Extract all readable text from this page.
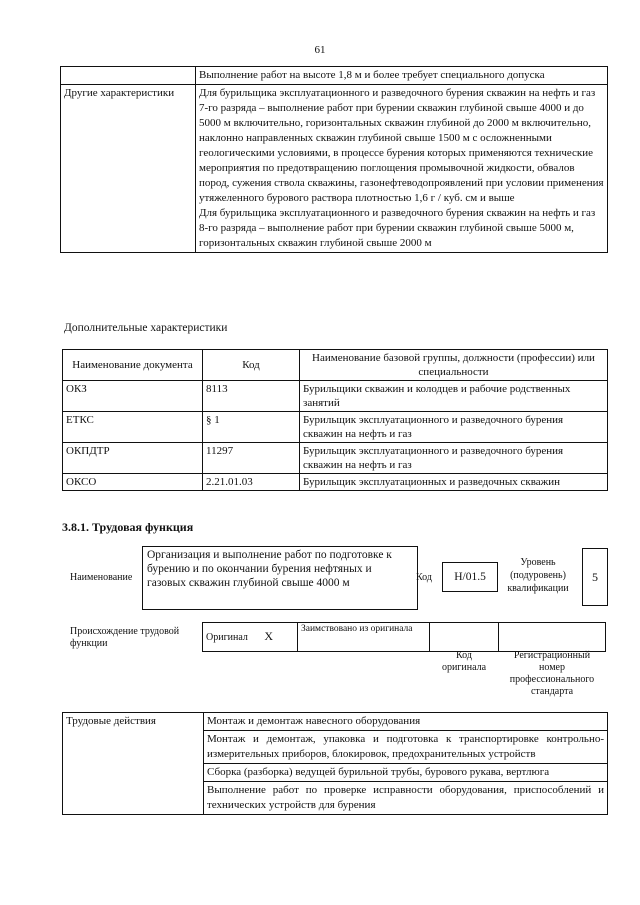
61
	Выполнение работ на высоте 1,8 м и более требует специального допуска
Другие характеристики	Для бурильщика эксплуатационного и разведочного бурения скважин на нефть и газ 7-го разряда – выполнение работ при бурении скважин глубиной свыше 4000 и до 5000 м включительно, горизонтальных скважин глубиной до 2000 м включительно, наклонно направленных скважин глубиной свыше 1500 м с осложненными геологическими условиями, в процессе бурения которых применяются технические мероприятия по предотвращению поглощения промывочной жидкости, обвалов пород, сужения ствола скважины, газонефтеводопроявлений при условии применения утяжеленного бурового раствора плотностью 1,6 г / куб. см и выше
Для бурильщика эксплуатационного и разведочного бурения скважин на нефть и газ 8-го разряда – выполнение работ при бурении скважин глубиной свыше 5000 м, горизонтальных скважин глубиной свыше 2000 м
Дополнительные характеристики
Наименование документа	Код	Наименование базовой группы, должности (профессии) или специальности
ОКЗ	8113	Бурильщики скважин и колодцев и рабочие родственных занятий
ЕТКС	§ 1	Бурильщик эксплуатационного и разведочного бурения скважин на нефть и газ
ОКПДТР	11297	Бурильщик эксплуатационного и разведочного бурения скважин на нефть и газ
ОКСО	2.21.01.03	Бурильщик эксплуатационных и разведочных скважин
3.8.1. Трудовая функция
Наименование
Организация и выполнение работ по подготовке к бурению и по окончании бурения нефтяных и газовых скважин глубиной свыше 4000 м	Код	Н/01.5
Уровень (подуровень) квалификации
5
Происхождение трудовой функции
Оригинал X	Заимствовано из оригинала		
Код оригинала
Регистрационный номер профессионального стандарта
Трудовые действия	Монтаж и демонтаж навесного оборудования
Монтаж и демонтаж, упаковка и подготовка к транспортировке контрольно-измерительных приборов, блокировок, предохранительных устройств
Сборка (разборка) ведущей бурильной трубы, бурового рукава, вертлюга
Выполнение работ по проверке исправности оборудования, приспособлений и технических устройств для бурения
